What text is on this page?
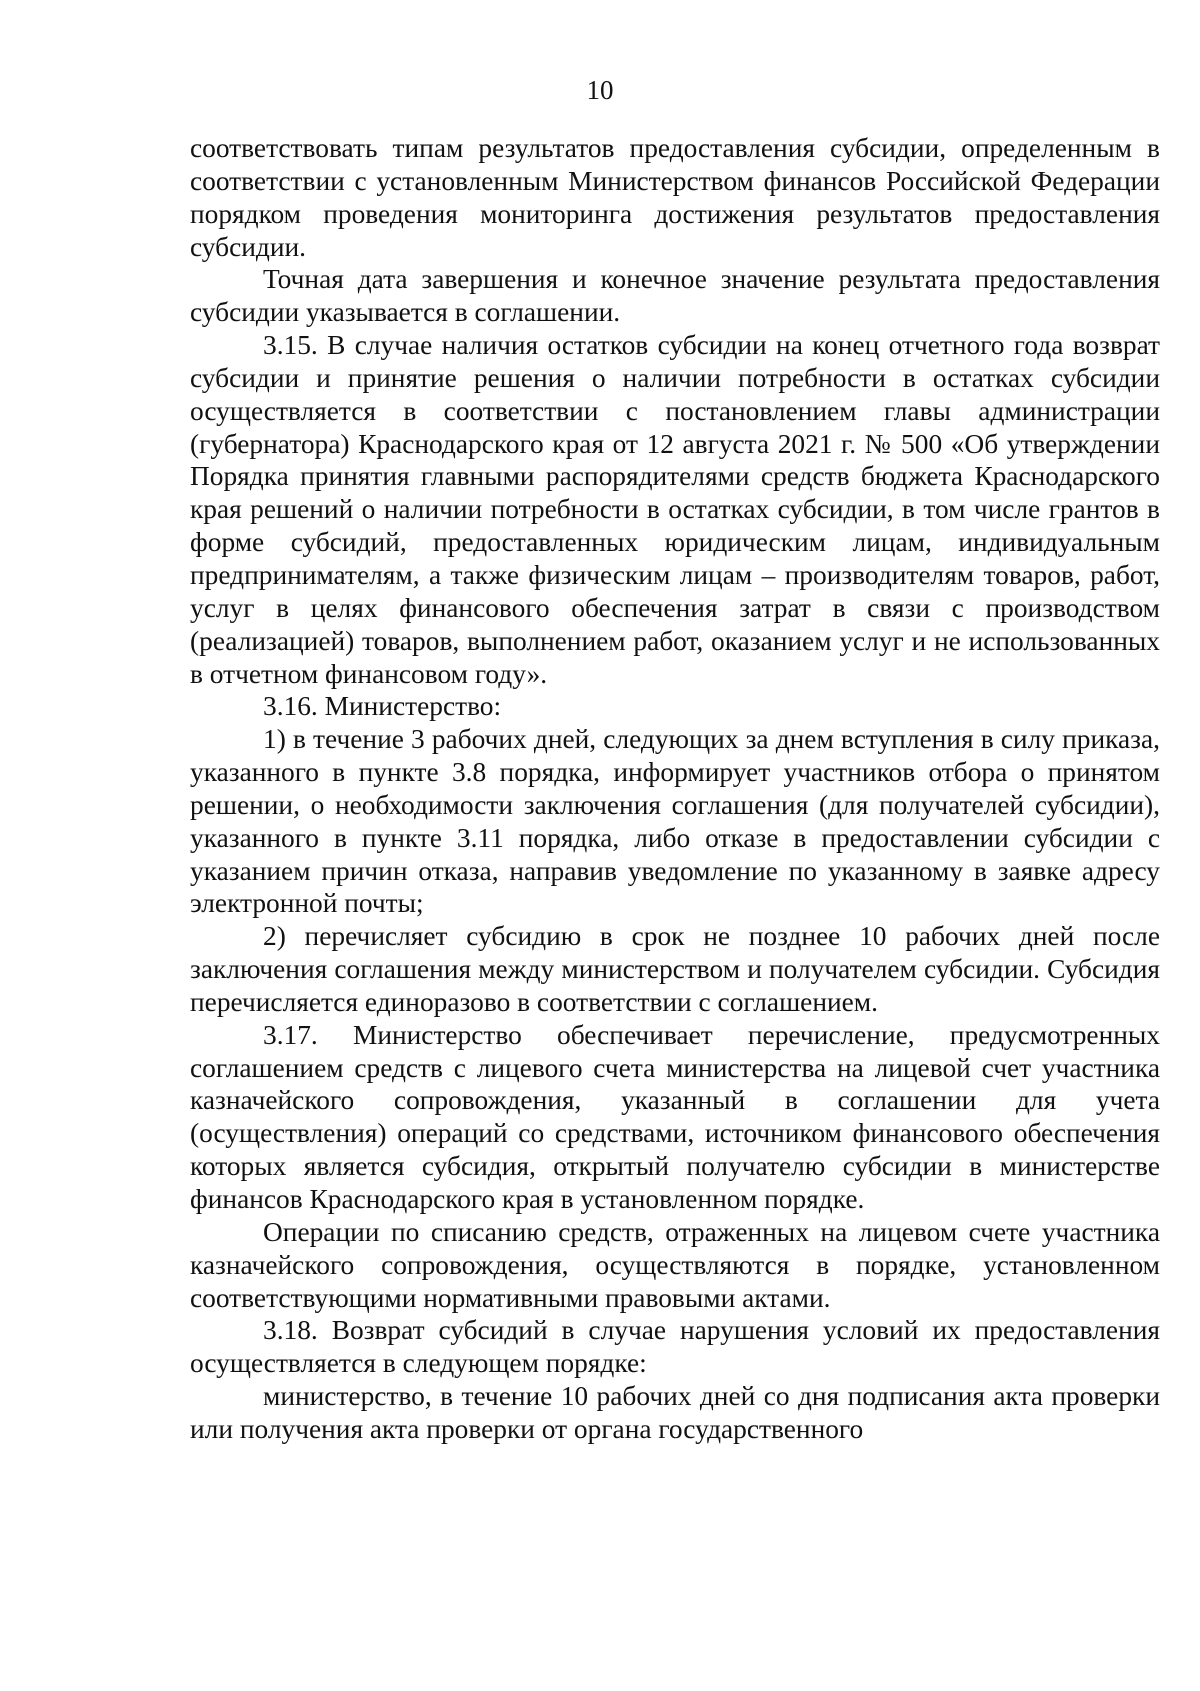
10

соответствовать типам результатов предоставления субсидии, определенным в соответствии с установленным Министерством финансов Российской Федерации порядком проведения мониторинга достижения результатов предоставления субсидии.

Точная дата завершения и конечное значение результата предоставления субсидии указывается в соглашении.

3.15. В случае наличия остатков субсидии на конец отчетного года возврат субсидии и принятие решения о наличии потребности в остатках субсидии осуществляется в соответствии с постановлением главы администрации (губернатора) Краснодарского края от 12 августа 2021 г. № 500 «Об утверждении Порядка принятия главными распорядителями средств бюджета Краснодарского края решений о наличии потребности в остатках субсидии, в том числе грантов в форме субсидий, предоставленных юридическим лицам, индивидуальным предпринимателям, а также физическим лицам – производителям товаров, работ, услуг в целях финансового обеспечения затрат в связи с производством (реализацией) товаров, выполнением работ, оказанием услуг и не использованных в отчетном финансовом году».

3.16. Министерство:

1) в течение 3 рабочих дней, следующих за днем вступления в силу приказа, указанного в пункте 3.8 порядка, информирует участников отбора о принятом решении, о необходимости заключения соглашения (для получателей субсидии), указанного в пункте 3.11 порядка, либо отказе в предоставлении субсидии с указанием причин отказа, направив уведомление по указанному в заявке адресу электронной почты;

2) перечисляет субсидию в срок не позднее 10 рабочих дней после заключения соглашения между министерством и получателем субсидии. Субсидия перечисляется единоразово в соответствии с соглашением.

3.17. Министерство обеспечивает перечисление, предусмотренных соглашением средств с лицевого счета министерства на лицевой счет участника казначейского сопровождения, указанный в соглашении для учета (осуществления) операций со средствами, источником финансового обеспечения которых является субсидия, открытый получателю субсидии в министерстве финансов Краснодарского края в установленном порядке.

Операции по списанию средств, отраженных на лицевом счете участника казначейского сопровождения, осуществляются в порядке, установленном соответствующими нормативными правовыми актами.

3.18. Возврат субсидий в случае нарушения условий их предоставления осуществляется в следующем порядке:

министерство, в течение 10 рабочих дней со дня подписания акта проверки или получения акта проверки от органа государственного
